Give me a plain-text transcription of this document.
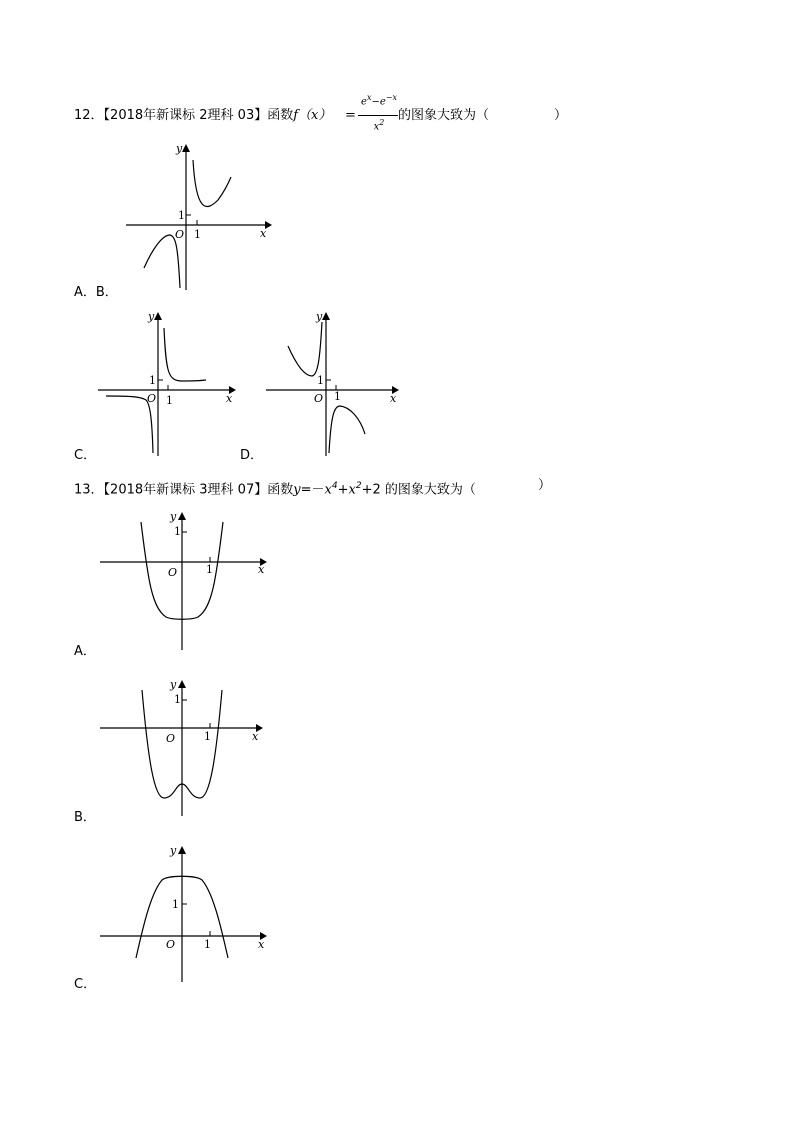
12．【2018年新课标 2理科 03】函数f（x） =
$e^x-e^{-x}$
$x^2$	的图象大致为（	）
y
x
O
1
1
A．B．
y
x
O
1
1
C．
y
x
O
1
1
D．
13．【2018年新课标 3理科 07】函数$y=-x^4+x^2+2$ 的图象大致为（	）
y
x
O
1
1
A．
y
x
O
1
1
B．
y
x
O
1
1
C．
